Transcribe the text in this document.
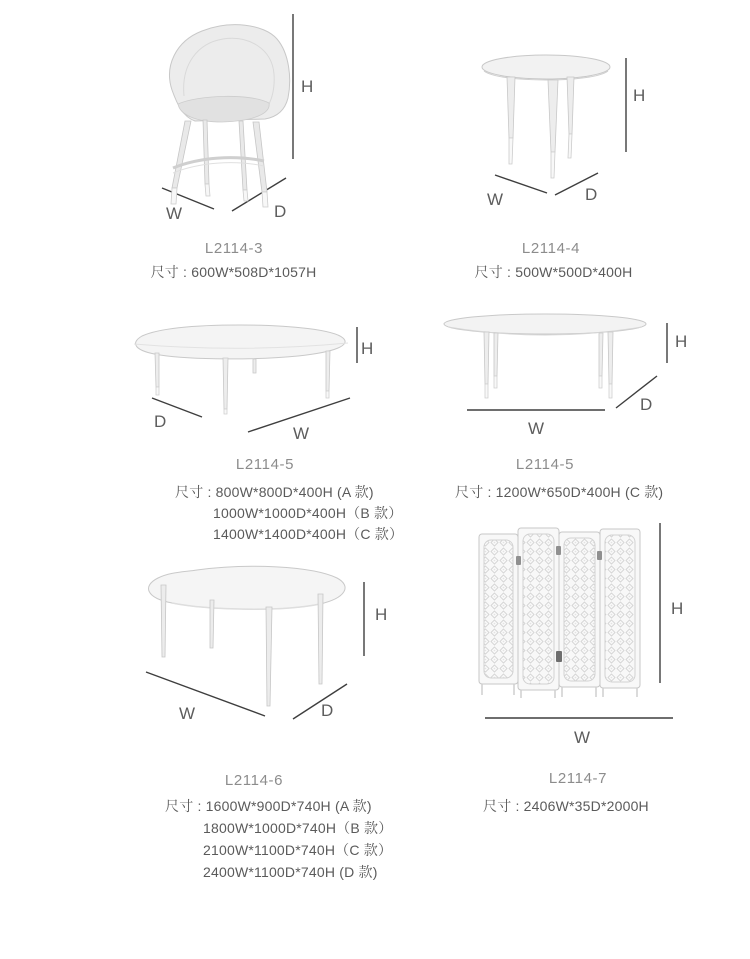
H
W	D
L2114-3
尺寸 : 600W*508D*1057H
H
W	D
L2114-4
尺寸 : 500W*500D*400H
H
D
W
L2114-5
尺寸 : 800W*800D*400H (A 款)
1000W*1000D*400H（B 款）
1400W*1400D*400H（C 款）
H
W
D
L2114-5
尺寸 : 1200W*650D*400H (C 款)
H
W	D
L2114-6
尺寸 : 1600W*900D*740H (A 款)
1800W*1000D*740H（B 款）
2100W*1100D*740H（C 款）
2400W*1100D*740H (D 款)
H
W
L2114-7
尺寸 : 2406W*35D*2000H
